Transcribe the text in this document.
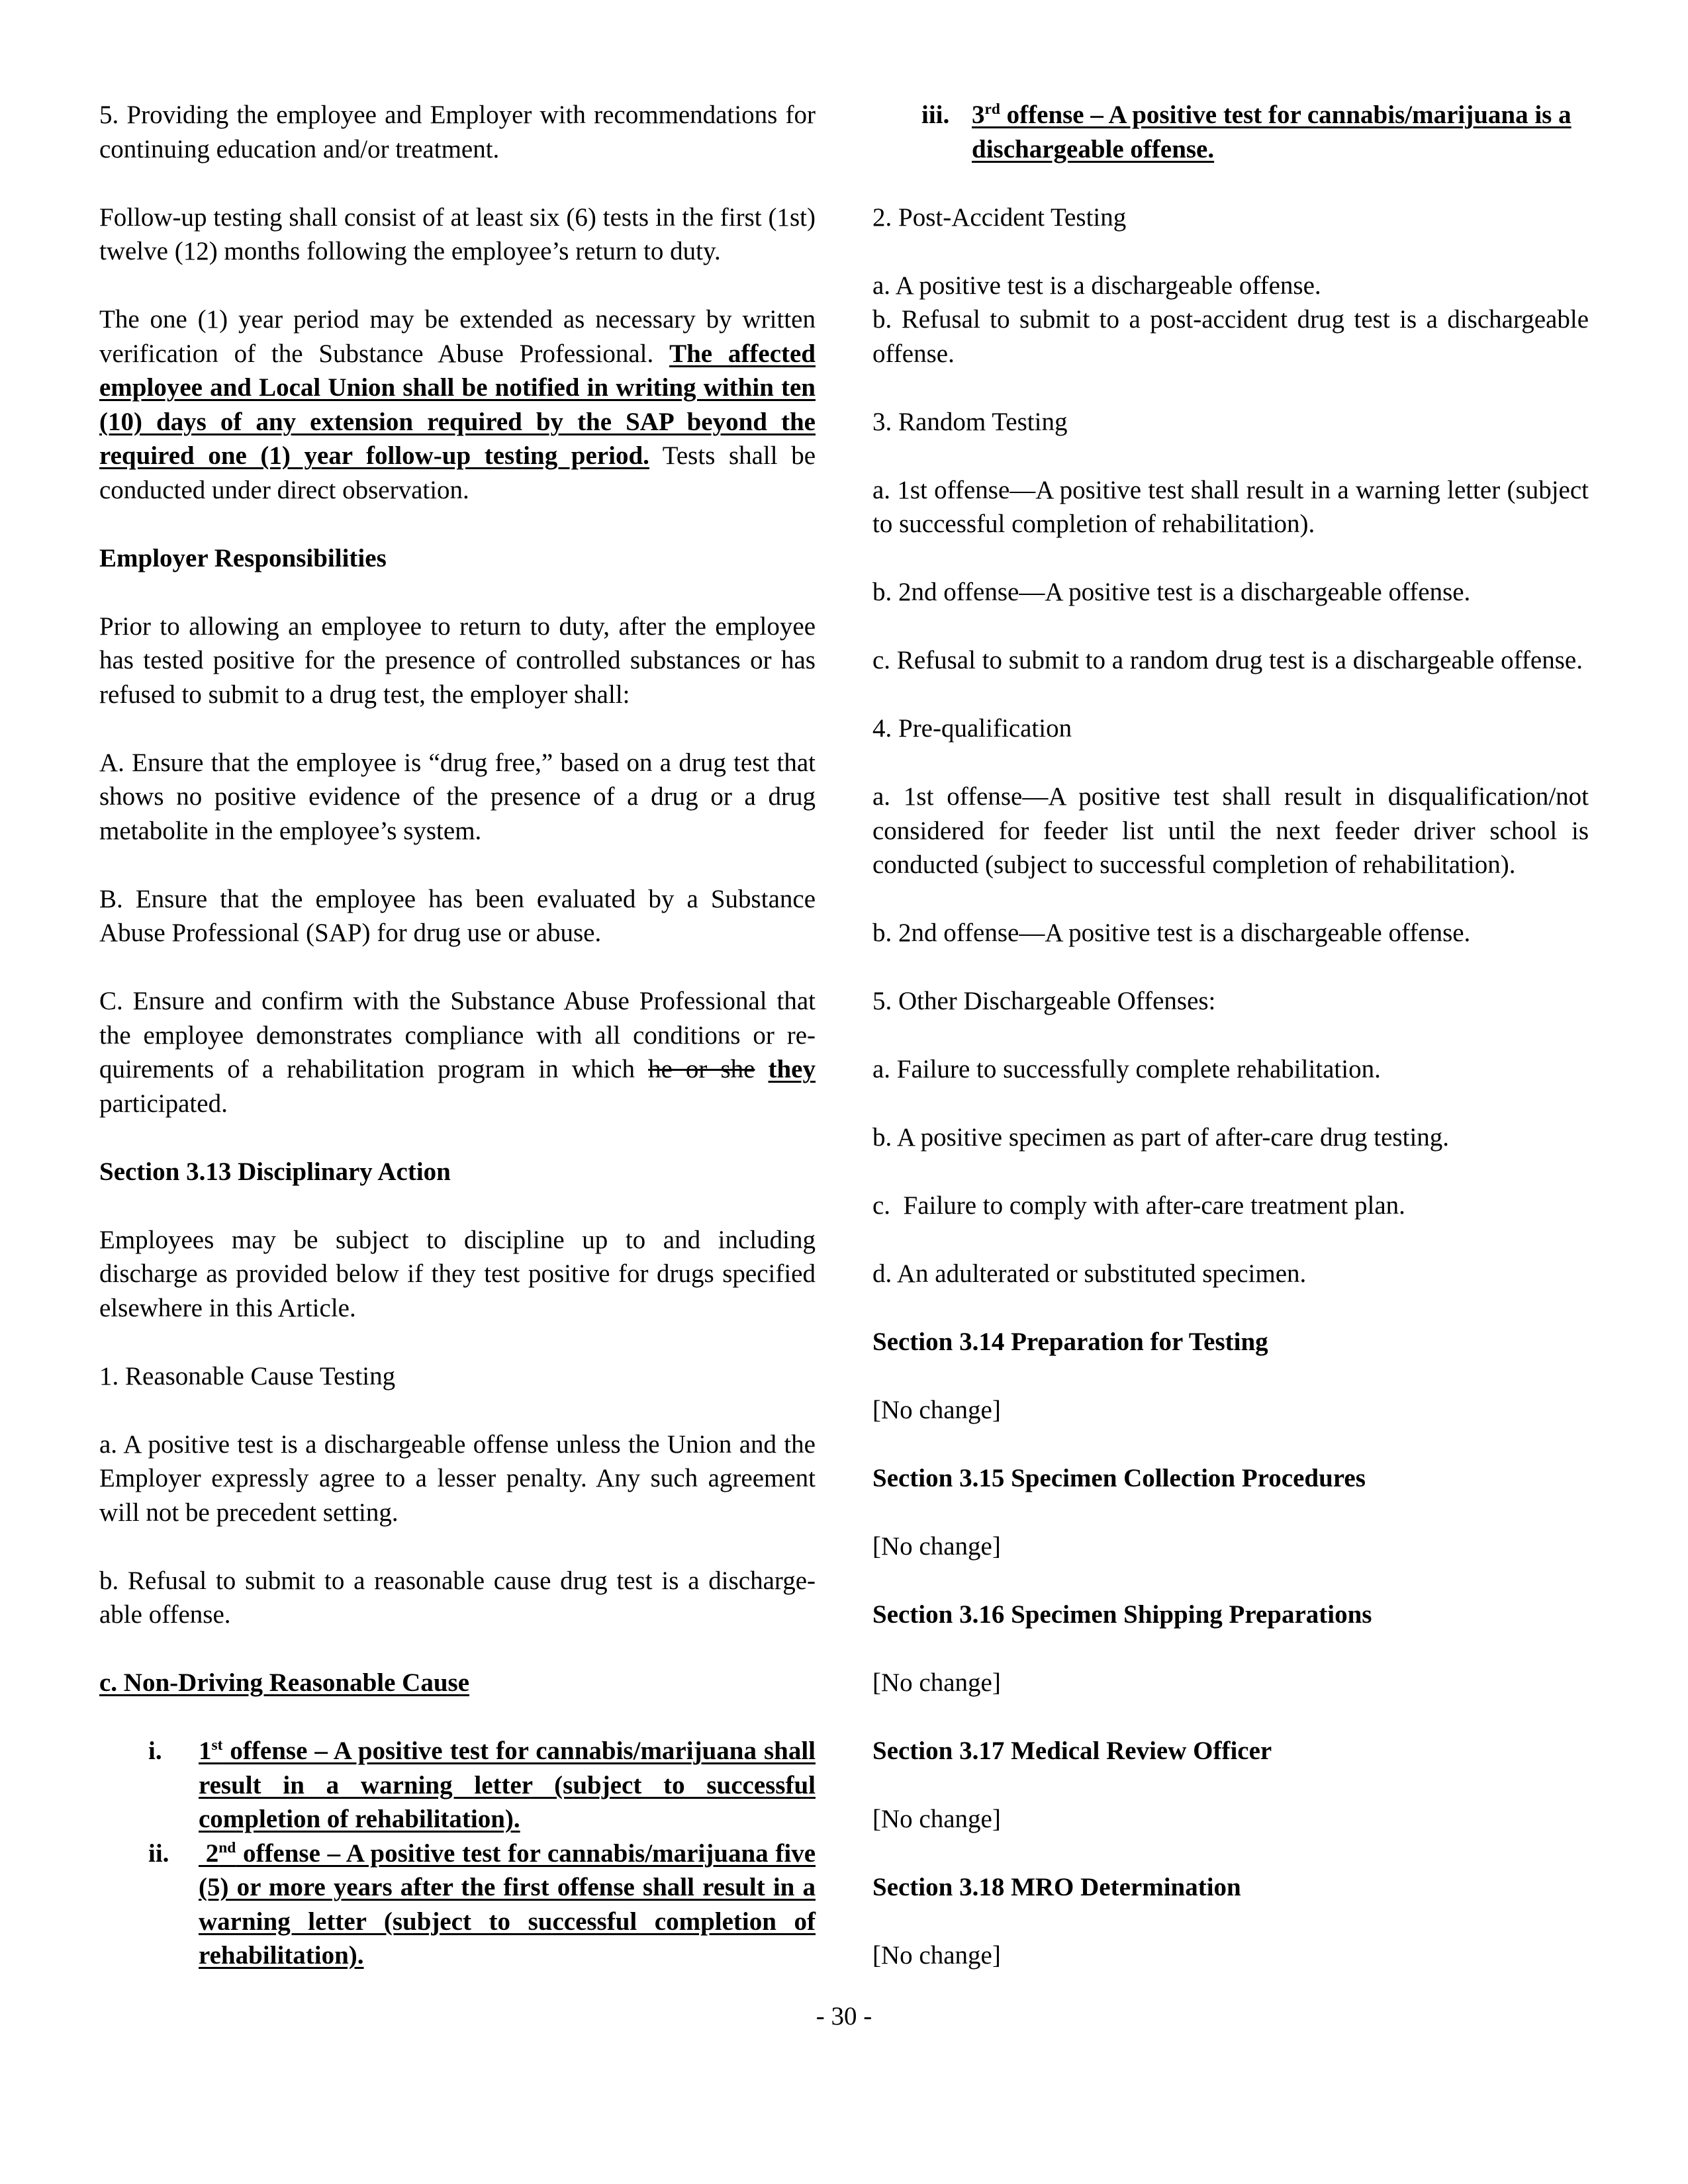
5. Providing the employee and Employer with recommendations for continuing education and/or treatment.

Follow-up testing shall consist of at least six (6) tests in the first (1st) twelve (12) months following the employee’s return to duty.

The one (1) year period may be extended as necessary by written verification of the Substance Abuse Professional. The affected employee and Local Union shall be notified in writing within ten (10) days of any extension required by the SAP beyond the required one (1) year follow-up testing period. Tests shall be conducted under direct observation.

Employer Responsibilities

Prior to allowing an employee to return to duty, after the employee has tested positive for the presence of controlled substances or has refused to submit to a drug test, the employer shall:

A. Ensure that the employee is “drug free,” based on a drug test that shows no positive evidence of the presence of a drug or a drug metabolite in the employee’s system.

B. Ensure that the employee has been evaluated by a Substance Abuse Professional (SAP) for drug use or abuse.

C. Ensure and confirm with the Substance Abuse Professional that the employee demonstrates compliance with all conditions or re-quirements of a rehabilitation program in which he or she they participated.

Section 3.13 Disciplinary Action

Employees may be subject to discipline up to and including discharge as provided below if they test positive for drugs specified elsewhere in this Article.

1. Reasonable Cause Testing

a. A positive test is a dischargeable offense unless the Union and the Employer expressly agree to a lesser penalty. Any such agreement will not be precedent setting.

b. Refusal to submit to a reasonable cause drug test is a discharge-able offense.

c. Non-Driving Reasonable Cause

i.	1st offense – A positive test for cannabis/marijuana shall result in a warning letter (subject to successful completion of rehabilitation).
ii.	2nd offense – A positive test for cannabis/marijuana five (5) or more years after the first offense shall result in a warning letter (subject to successful completion of rehabilitation).
iii. 3rd offense – A positive test for cannabis/marijuana is a dischargeable offense.

2. Post-Accident Testing

a. A positive test is a dischargeable offense.

b. Refusal to submit to a post-accident drug test is a dischargeable offense.

3. Random Testing

a. 1st offense—A positive test shall result in a warning letter (subject to successful completion of rehabilitation).

b. 2nd offense—A positive test is a dischargeable offense.

c. Refusal to submit to a random drug test is a dischargeable offense.

4. Pre-qualification

a. 1st offense—A positive test shall result in disqualification/not considered for feeder list until the next feeder driver school is conducted (subject to successful completion of rehabilitation).

b. 2nd offense—A positive test is a dischargeable offense.

5. Other Dischargeable Offenses:

a. Failure to successfully complete rehabilitation.

b. A positive specimen as part of after-care drug testing.

c.  Failure to comply with after-care treatment plan.

d. An adulterated or substituted specimen.

Section 3.14 Preparation for Testing

[No change]

Section 3.15 Specimen Collection Procedures

[No change]

Section 3.16 Specimen Shipping Preparations

[No change]

Section 3.17 Medical Review Officer

[No change]

Section 3.18 MRO Determination

[No change]

- 30 -
